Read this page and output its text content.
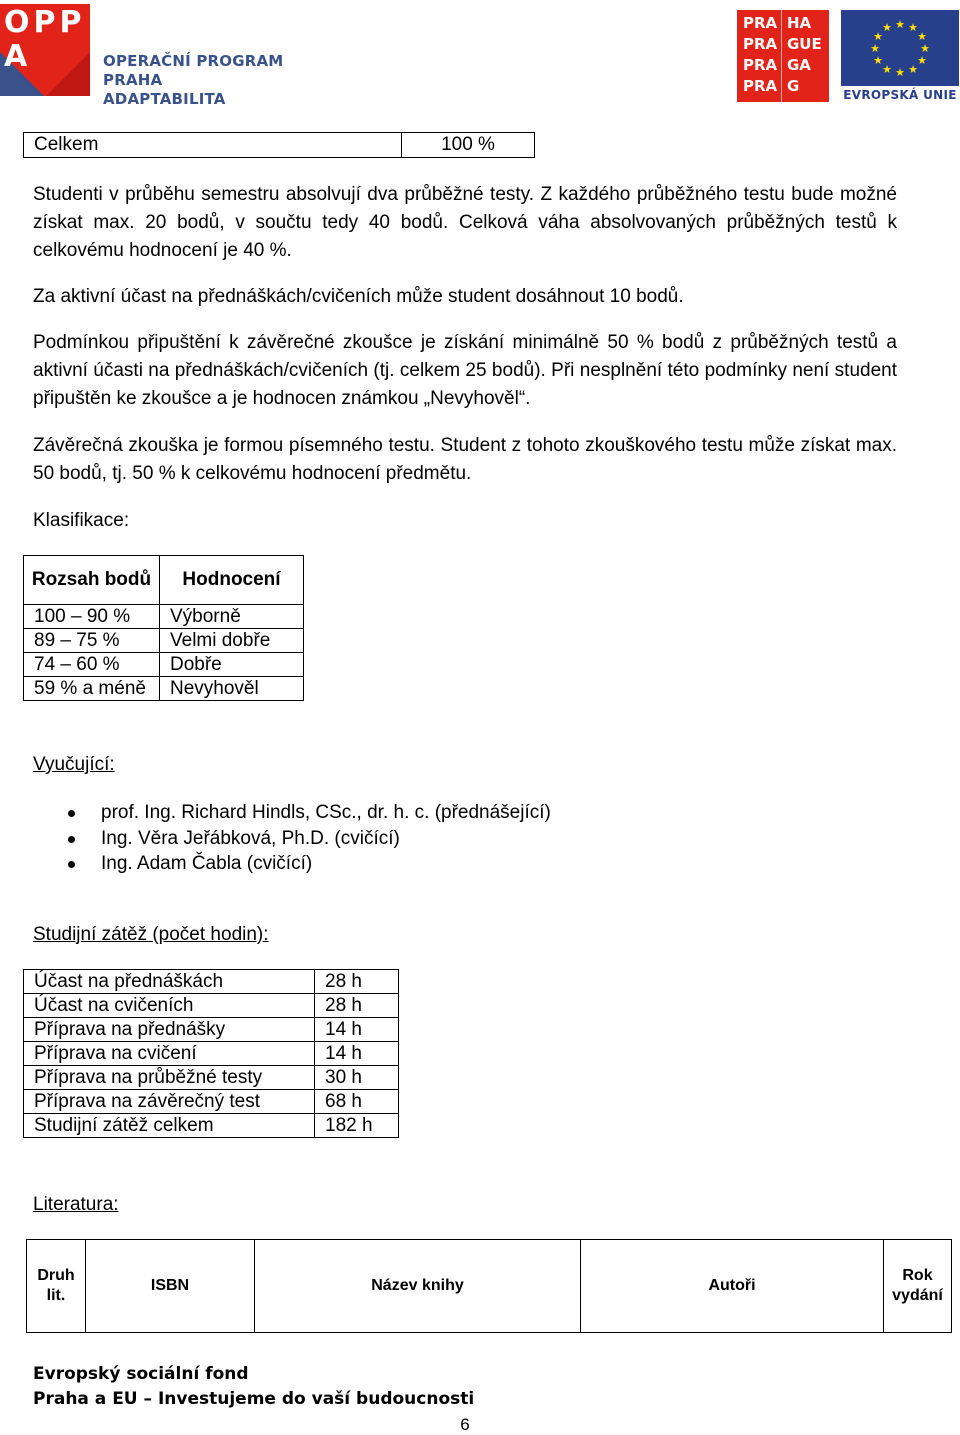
OPP A	OPERAČNÍ PROGRAM PRAHA
ADAPTABILITA
PRA HA
PRA GUE
PRA GA
PRA G
★ ★
★
★
★
★
★
★
★
★
★
★
EVROPSKÁ UNIE
Celkem	100 %
Studenti v průběhu semestru absolvují dva průběžné testy. Z každého průběžného testu bude možné získat max. 20 bodů, v součtu tedy 40 bodů. Celková váha absolvovaných průběžných testů k celkovému hodnocení je 40 %.
Za aktivní účast na přednáškách/cvičeních může student dosáhnout 10 bodů.
Podmínkou připuštění k závěrečné zkoušce je získání minimálně 50 % bodů z průběžných testů a aktivní účasti na přednáškách/cvičeních (tj. celkem 25 bodů). Při nesplnění této podmínky není student připuštěn ke zkoušce a je hodnocen známkou „Nevyhověl“.
Závěrečná zkouška je formou písemného testu. Student z tohoto zkouškového testu může získat max. 50 bodů, tj. 50 % k celkovému hodnocení předmětu.
Klasifikace:
Rozsah bodů	Hodnocení
100 – 90 %	Výborně
89 – 75 %	Velmi dobře
74 – 60 %	Dobře
59 % a méně	Nevyhověl
Vyučující:
prof. Ing. Richard Hindls, CSc., dr. h. c. (přednášející)
Ing. Věra Jeřábková, Ph.D. (cvičící)
Ing. Adam Čabla (cvičící)
Studijní zátěž (počet hodin):
Účast na přednáškách	28 h
Účast na cvičeních	28 h
Příprava na přednášky	14 h
Příprava na cvičení	14 h
Příprava na průběžné testy	30 h
Příprava na závěrečný test	68 h
Studijní zátěž celkem	182 h
Literatura:
Druh lit.	ISBN	Název knihy	Autoři	Rok vydání
Evropský sociální fond
Praha a EU – Investujeme do vaší budoucnosti
6
